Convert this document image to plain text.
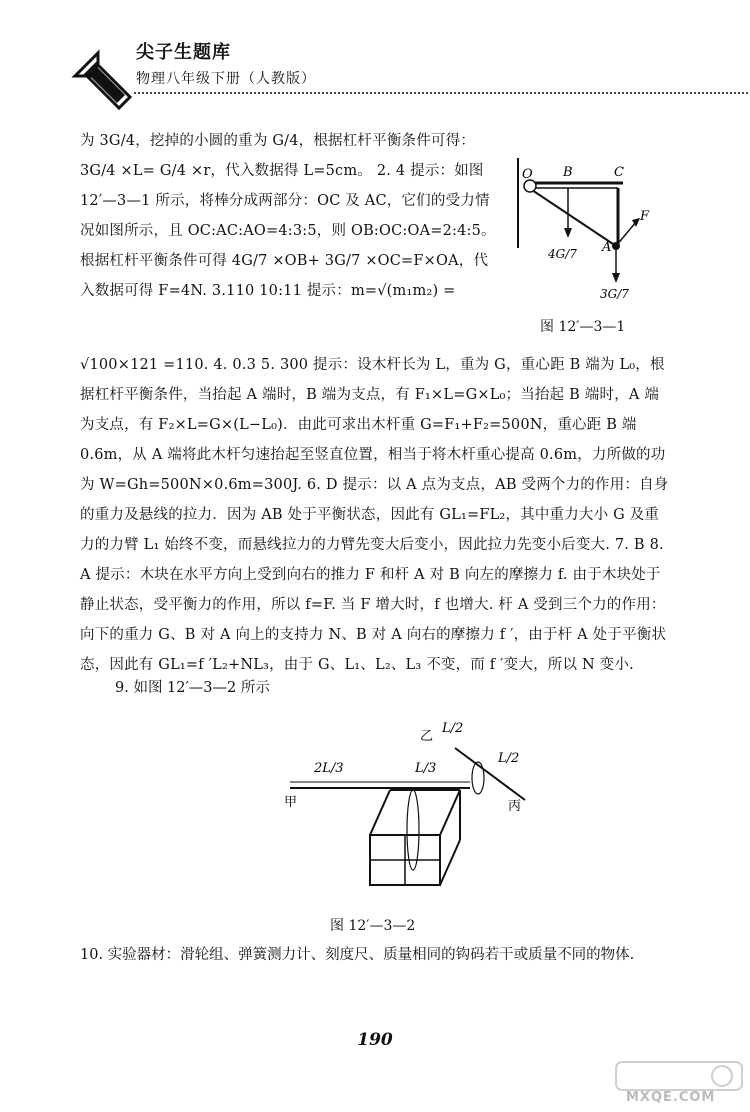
尖子生题库
物理八年级下册（人教版）
为 3G/4，挖掉的小圆的重为 G/4，根据杠杆平衡条件可得：3G/4 ×L= G/4 ×r，代入数据得 L=5cm。 2. 4 提示：如图 12′—3—1 所示，将棒分成两部分：OC 及 AC，它们的受力情况如图所示，且 OC:AC:AO=4:3:5，则 OB:OC:OA=2:4:5。根据杠杆平衡条件可得 4G/7 ×OB+ 3G/7 ×OC=F×OA，代入数据可得 F=4N. 3.110 10:11 提示：m=√(m₁m₂) =
O B	C
A
F
4G/7
3G/7
图 12′—3—1
√100×121 =110. 4. 0.3 5. 300 提示：设木杆长为 L，重为 G，重心距 B 端为 L₀，根据杠杆平衡条件，当抬起 A 端时，B 端为支点，有 F₁×L=G×L₀；当抬起 B 端时，A 端为支点，有 F₂×L=G×(L−L₀)．由此可求出木杆重 G=F₁+F₂=500N，重心距 B 端 0.6m，从 A 端将此木杆匀速抬起至竖直位置，相当于将木杆重心提高 0.6m，力所做的功为 W=Gh=500N×0.6m=300J. 6. D 提示：以 A 点为支点，AB 受两个力的作用：自身的重力及悬线的拉力．因为 AB 处于平衡状态，因此有 GL₁=FL₂，其中重力大小 G 及重力的力臂 L₁ 始终不变，而悬线拉力的力臂先变大后变小，因此拉力先变小后变大. 7. B 8. A 提示：木块在水平方向上受到向右的推力 F 和杆 A 对 B 向左的摩擦力 f. 由于木块处于静止状态，受平衡力的作用，所以 f=F. 当 F 增大时，f 也增大. 杆 A 受到三个力的作用：向下的重力 G、B 对 A 向上的支持力 N、B 对 A 向右的摩擦力 f ′，由于杆 A 处于平衡状态，因此有 GL₁=f ′L₂+NL₃，由于 G、L₁、L₂、L₃ 不变，而 f ′变大，所以 N 变小.
9. 如图 12′—3—2 所示
甲
乙
丙
2L/3	L/3
L/2
L/2
图 12′—3—2
10. 实验器材：滑轮组、弹簧测力计、刻度尺、质量相同的钩码若干或质量不同的物体.
190
MXQE.COM
